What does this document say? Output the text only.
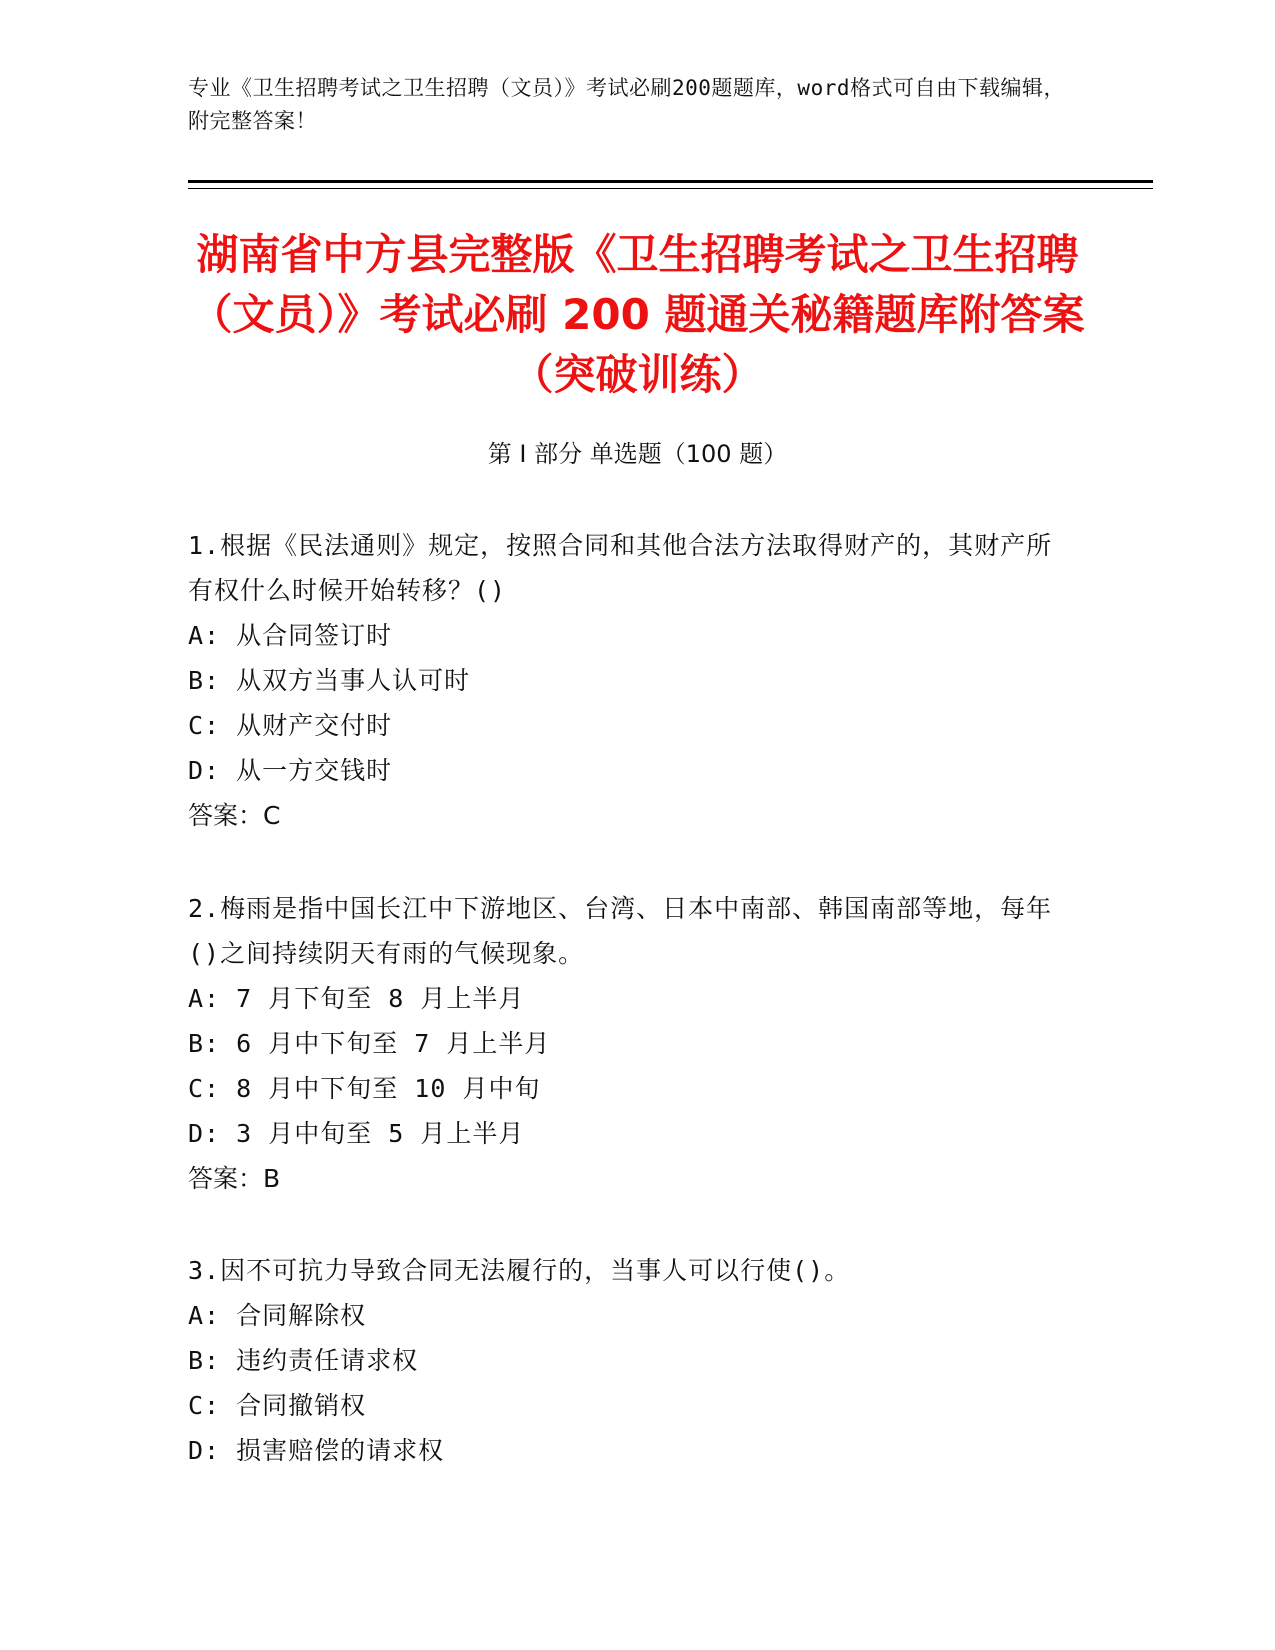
专业《卫生招聘考试之卫生招聘（文员）》考试必刷200题题库，word格式可自由下载编辑，附完整答案！
湖南省中方县完整版《卫生招聘考试之卫生招聘（文员）》考试必刷 200 题通关秘籍题库附答案（突破训练）
第 I 部分 单选题（100 题）
1.根据《民法通则》规定，按照合同和其他合法方法取得财产的，其财产所有权什么时候开始转移？()
A: 从合同签订时
B: 从双方当事人认可时
C: 从财产交付时
D: 从一方交钱时
答案：C
2.梅雨是指中国长江中下游地区、台湾、日本中南部、韩国南部等地，每年()之间持续阴天有雨的气候现象。
A: 7 月下旬至 8 月上半月
B: 6 月中下旬至 7 月上半月
C: 8 月中下旬至 10 月中旬
D: 3 月中旬至 5 月上半月
答案：B
3.因不可抗力导致合同无法履行的，当事人可以行使()。
A: 合同解除权
B: 违约责任请求权
C: 合同撤销权
D: 损害赔偿的请求权
